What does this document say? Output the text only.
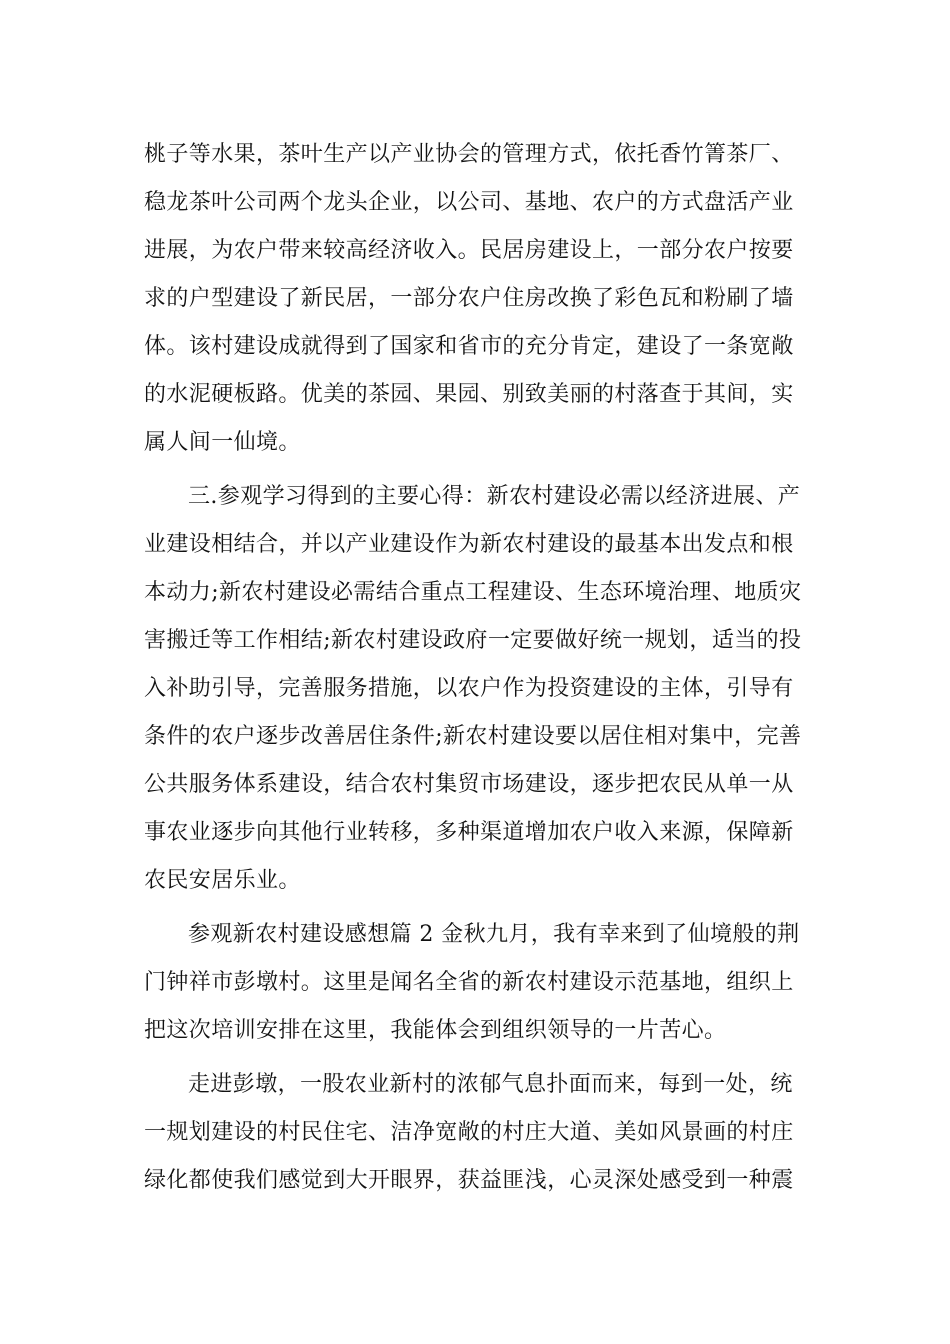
桃子等水果，茶叶生产以产业协会的管理方式，依托香竹箐茶厂、
稳龙茶叶公司两个龙头企业，以公司、基地、农户的方式盘活产业
进展，为农户带来较高经济收入。民居房建设上，一部分农户按要
求的户型建设了新民居，一部分农户住房改换了彩色瓦和粉刷了墙
体。该村建设成就得到了国家和省市的充分肯定，建设了一条宽敞
的水泥硬板路。优美的茶园、果园、别致美丽的村落查于其间，实
属人间一仙境。
三.参观学习得到的主要心得：新农村建设必需以经济进展、产
业建设相结合，并以产业建设作为新农村建设的最基本出发点和根
本动力;新农村建设必需结合重点工程建设、生态环境治理、地质灾
害搬迁等工作相结;新农村建设政府一定要做好统一规划，适当的投
入补助引导，完善服务措施，以农户作为投资建设的主体，引导有
条件的农户逐步改善居住条件;新农村建设要以居住相对集中，完善
公共服务体系建设，结合农村集贸市场建设，逐步把农民从单一从
事农业逐步向其他行业转移，多种渠道增加农户收入来源，保障新
农民安居乐业。
参观新农村建设感想篇 2 金秋九月，我有幸来到了仙境般的荆
门钟祥市彭墩村。这里是闻名全省的新农村建设示范基地，组织上
把这次培训安排在这里，我能体会到组织领导的一片苦心。
走进彭墩，一股农业新村的浓郁气息扑面而来，每到一处，统
一规划建设的村民住宅、洁净宽敞的村庄大道、美如风景画的村庄
绿化都使我们感觉到大开眼界，获益匪浅，心灵深处感受到一种震
